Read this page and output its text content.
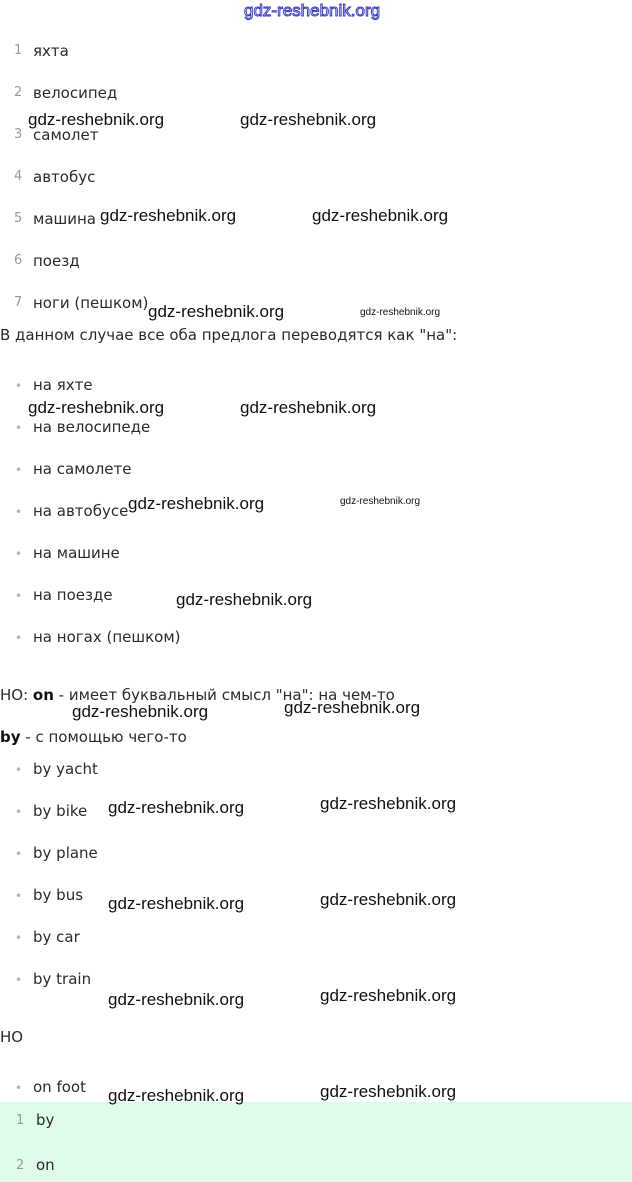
gdz-reshebnik.org
1 яхта
2 велосипед
3 самолет
4 автобус
5 машина
6 поезд
7 ноги (пешком)
В данном случае все оба предлога переводятся как "на":
• на яхте
• на велосипеде
• на самолете
• на автобусе
• на машине
• на поезде
• на ногах (пешком)
НО: on - имеет буквальный смысл "на": на чем-то
by - с помощью чего-то
• by yacht
• by bike
• by plane
• by bus
• by car
• by train
НО
• on foot
1 by
2 on
gdz-reshebnik.org	gdz-reshebnik.org
gdz-reshebnik.org	gdz-reshebnik.org
gdz-reshebnik.org	gdz-reshebnik.org
gdz-reshebnik.org	gdz-reshebnik.org
gdz-reshebnik.org	gdz-reshebnik.org
gdz-reshebnik.org
gdz-reshebnik.org	gdz-reshebnik.org
gdz-reshebnik.org	gdz-reshebnik.org
gdz-reshebnik.org	gdz-reshebnik.org
gdz-reshebnik.org	gdz-reshebnik.org
gdz-reshebnik.org	gdz-reshebnik.org
